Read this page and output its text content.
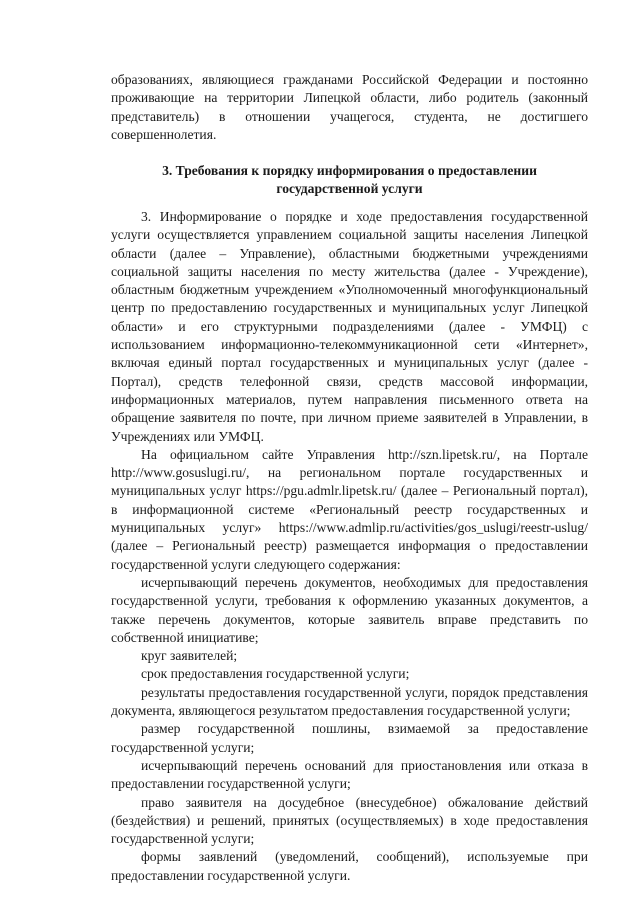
образованиях, являющиеся гражданами Российской Федерации и постоянно проживающие на территории Липецкой области, либо родитель (законный представитель) в отношении учащегося, студента, не достигшего совершеннолетия.

3. Требования к порядку информирования о предоставлении

государственной услуги

3. Информирование о порядке и ходе предоставления государственной услуги осуществляется управлением социальной защиты населения Липецкой области (далее – Управление), областными бюджетными учреждениями социальной защиты населения по месту жительства (далее - Учреждение), областным бюджетным учреждением «Уполномоченный многофункциональный центр по предоставлению государственных и муниципальных услуг Липецкой области» и его структурными подразделениями (далее - УМФЦ) с использованием информационно-телекоммуникационной сети «Интернет», включая единый портал государственных и муниципальных услуг (далее - Портал), средств телефонной связи, средств массовой информации, информационных материалов, путем направления письменного ответа на обращение заявителя по почте, при личном приеме заявителей в Управлении, в Учреждениях или УМФЦ.

На официальном сайте Управления http://szn.lipetsk.ru/, на Портале http://www.gosuslugi.ru/, на региональном портале государственных и муниципальных услуг https://pgu.admlr.lipetsk.ru/ (далее – Региональный портал), в информационной системе «Региональный реестр государственных и муниципальных услуг» https://www.admlip.ru/activities/gos_uslugi/reestr-uslug/ (далее – Региональный реестр) размещается информация о предоставлении государственной услуги следующего содержания:

исчерпывающий перечень документов, необходимых для предоставления государственной услуги, требования к оформлению указанных документов, а также перечень документов, которые заявитель вправе представить по собственной инициативе;

круг заявителей;

срок предоставления государственной услуги;

результаты предоставления государственной услуги, порядок представления документа, являющегося результатом предоставления государственной услуги;

размер государственной пошлины, взимаемой за предоставление государственной услуги;

исчерпывающий перечень оснований для приостановления или отказа в предоставлении государственной услуги;

право заявителя на досудебное (внесудебное) обжалование действий (бездействия) и решений, принятых (осуществляемых) в ходе предоставления государственной услуги;

формы заявлений (уведомлений, сообщений), используемые при предоставлении государственной услуги.
